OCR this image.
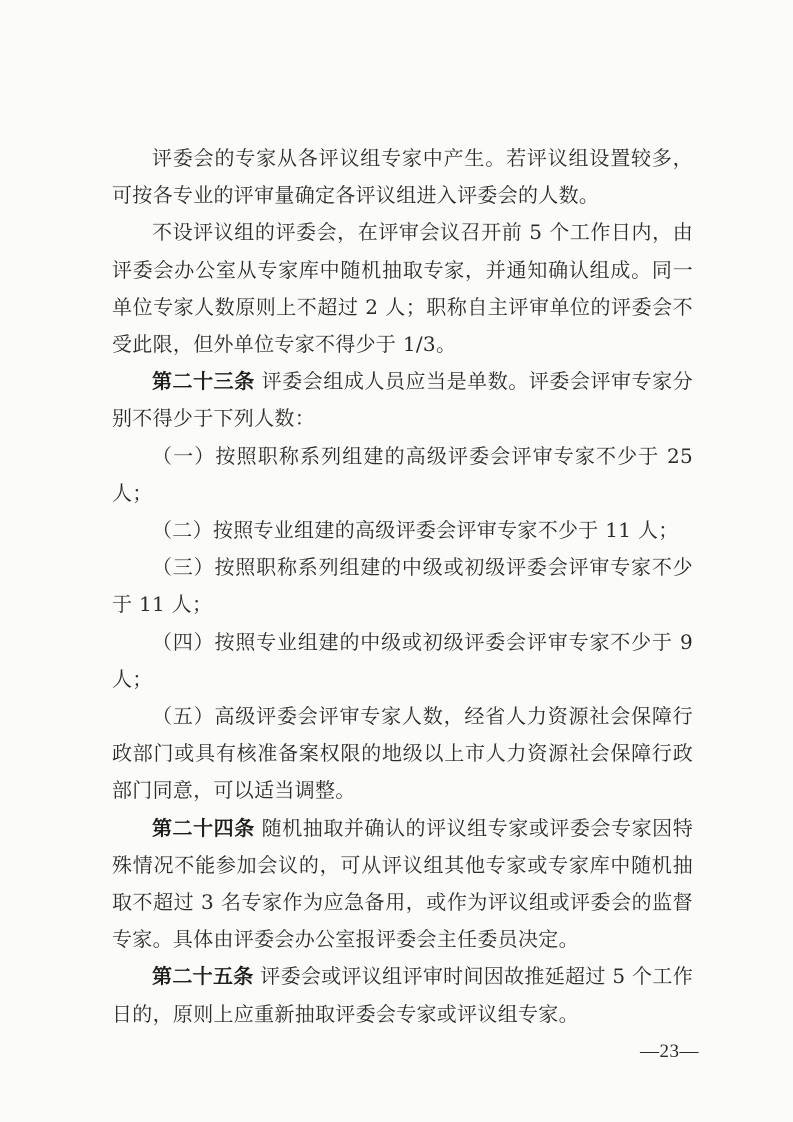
评委会的专家从各评议组专家中产生。若评议组设置较多，可按各专业的评审量确定各评议组进入评委会的人数。

不设评议组的评委会，在评审会议召开前 5 个工作日内，由评委会办公室从专家库中随机抽取专家，并通知确认组成。同一单位专家人数原则上不超过 2 人；职称自主评审单位的评委会不受此限，但外单位专家不得少于 1/3。

第二十三条 评委会组成人员应当是单数。评委会评审专家分别不得少于下列人数：

（一）按照职称系列组建的高级评委会评审专家不少于 25 人；

（二）按照专业组建的高级评委会评审专家不少于 11 人；

（三）按照职称系列组建的中级或初级评委会评审专家不少于 11 人；

（四）按照专业组建的中级或初级评委会评审专家不少于 9 人；

（五）高级评委会评审专家人数，经省人力资源社会保障行政部门或具有核准备案权限的地级以上市人力资源社会保障行政部门同意，可以适当调整。

第二十四条 随机抽取并确认的评议组专家或评委会专家因特殊情况不能参加会议的，可从评议组其他专家或专家库中随机抽取不超过 3 名专家作为应急备用，或作为评议组或评委会的监督专家。具体由评委会办公室报评委会主任委员决定。

第二十五条 评委会或评议组评审时间因故推延超过 5 个工作日的，原则上应重新抽取评委会专家或评议组专家。

—23—
